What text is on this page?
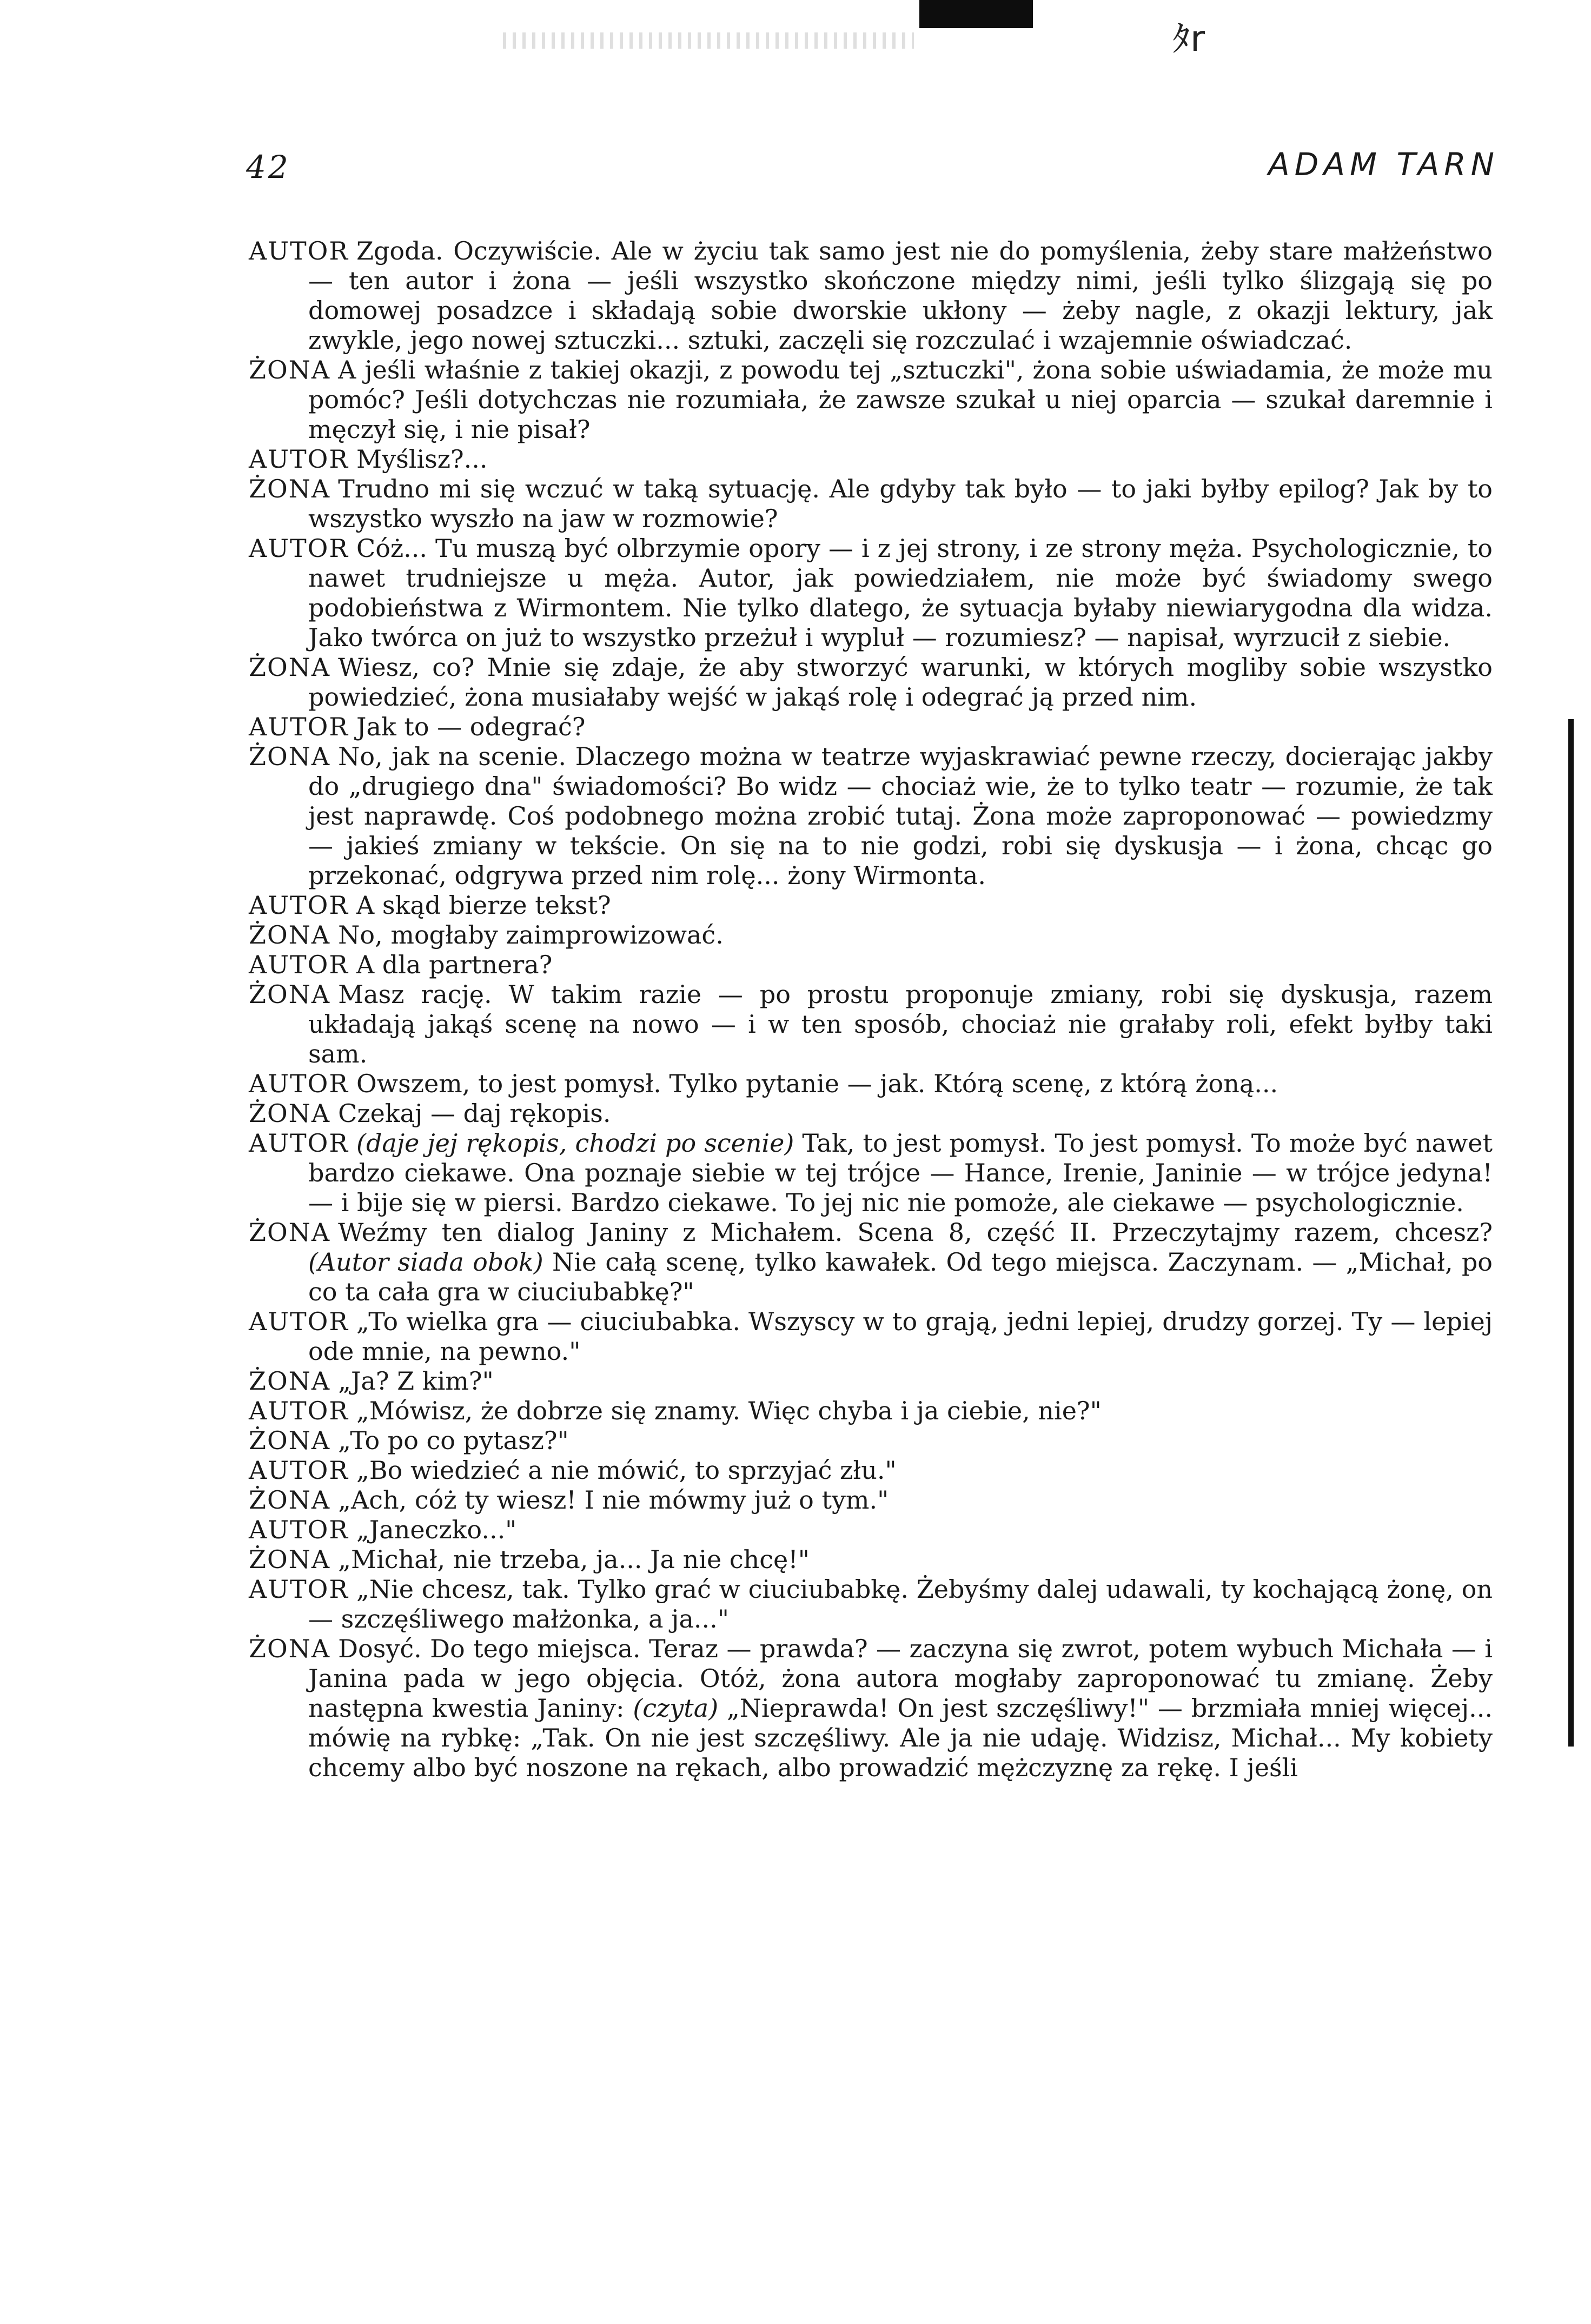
ﾀr
42	ADAM TARN

AUTOR Zgoda. Oczywiście. Ale w życiu tak samo jest nie do pomyślenia, żeby stare małżeństwo — ten autor i żona — jeśli wszystko skończone między nimi, jeśli tylko ślizgają się po domowej posadzce i składają sobie dworskie ukłony — żeby nagle, z okazji lektury, jak zwykle, jego nowej sztuczki... sztuki, zaczęli się rozczulać i wzajemnie oświadczać.

ŻONA A jeśli właśnie z takiej okazji, z powodu tej „sztuczki", żona sobie uświadamia, że może mu pomóc? Jeśli dotychczas nie rozumiała, że zawsze szukał u niej oparcia — szukał daremnie i męczył się, i nie pisał?

AUTOR Myślisz?...

ŻONA Trudno mi się wczuć w taką sytuację. Ale gdyby tak było — to jaki byłby epilog? Jak by to wszystko wyszło na jaw w rozmowie?

AUTOR Cóż... Tu muszą być olbrzymie opory — i z jej strony, i ze strony męża. Psychologicznie, to nawet trudniejsze u męża. Autor, jak powiedziałem, nie może być świadomy swego podobieństwa z Wirmontem. Nie tylko dlatego, że sytuacja byłaby niewiarygodna dla widza. Jako twórca on już to wszystko przeżuł i wypluł — rozumiesz? — napisał, wyrzucił z siebie.

ŻONA Wiesz, co? Mnie się zdaje, że aby stworzyć warunki, w których mogliby sobie wszystko powiedzieć, żona musiałaby wejść w jakąś rolę i odegrać ją przed nim.

AUTOR Jak to — odegrać?

ŻONA No, jak na scenie. Dlaczego można w teatrze wyjaskrawiać pewne rzeczy, docierając jakby do „drugiego dna" świadomości? Bo widz — chociaż wie, że to tylko teatr — rozumie, że tak jest naprawdę. Coś podobnego można zrobić tutaj. Żona może zaproponować — powiedzmy — jakieś zmiany w tekście. On się na to nie godzi, robi się dyskusja — i żona, chcąc go przekonać, odgrywa przed nim rolę... żony Wirmonta.

AUTOR A skąd bierze tekst?

ŻONA No, mogłaby zaimprowizować.

AUTOR A dla partnera?

ŻONA Masz rację. W takim razie — po prostu proponuje zmiany, robi się dyskusja, razem układają jakąś scenę na nowo — i w ten sposób, chociaż nie grałaby roli, efekt byłby taki sam.

AUTOR Owszem, to jest pomysł. Tylko pytanie — jak. Którą scenę, z którą żoną...

ŻONA Czekaj — daj rękopis.

AUTOR (daje jej rękopis, chodzi po scenie) Tak, to jest pomysł. To jest pomysł. To może być nawet bardzo ciekawe. Ona poznaje siebie w tej trójce — Hance, Irenie, Janinie — w trójce jedyna! — i bije się w piersi. Bardzo ciekawe. To jej nic nie pomoże, ale ciekawe — psychologicznie.

ŻONA Weźmy ten dialog Janiny z Michałem. Scena 8, część II. Przeczytajmy razem, chcesz? (Autor siada obok) Nie całą scenę, tylko kawałek. Od tego miejsca. Zaczynam. — „Michał, po co ta cała gra w ciuciubabkę?"

AUTOR „To wielka gra — ciuciubabka. Wszyscy w to grają, jedni lepiej, drudzy gorzej. Ty — lepiej ode mnie, na pewno."

ŻONA „Ja? Z kim?"

AUTOR „Mówisz, że dobrze się znamy. Więc chyba i ja ciebie, nie?"

ŻONA „To po co pytasz?"

AUTOR „Bo wiedzieć a nie mówić, to sprzyjać złu."

ŻONA „Ach, cóż ty wiesz! I nie mówmy już o tym."

AUTOR „Janeczko..."

ŻONA „Michał, nie trzeba, ja... Ja nie chcę!"

AUTOR „Nie chcesz, tak. Tylko grać w ciuciubabkę. Żebyśmy dalej udawali, ty kochającą żonę, on — szczęśliwego małżonka, a ja..."

ŻONA Dosyć. Do tego miejsca. Teraz — prawda? — zaczyna się zwrot, potem wybuch Michała — i Janina pada w jego objęcia. Otóż, żona autora mogłaby zaproponować tu zmianę. Żeby następna kwestia Janiny: (czyta) „Nieprawda! On jest szczęśliwy!" — brzmiała mniej więcej... mówię na rybkę: „Tak. On nie jest szczęśliwy. Ale ja nie udaję. Widzisz, Michał... My kobiety chcemy albo być noszone na rękach, albo prowadzić mężczyznę za rękę. I jeśli
